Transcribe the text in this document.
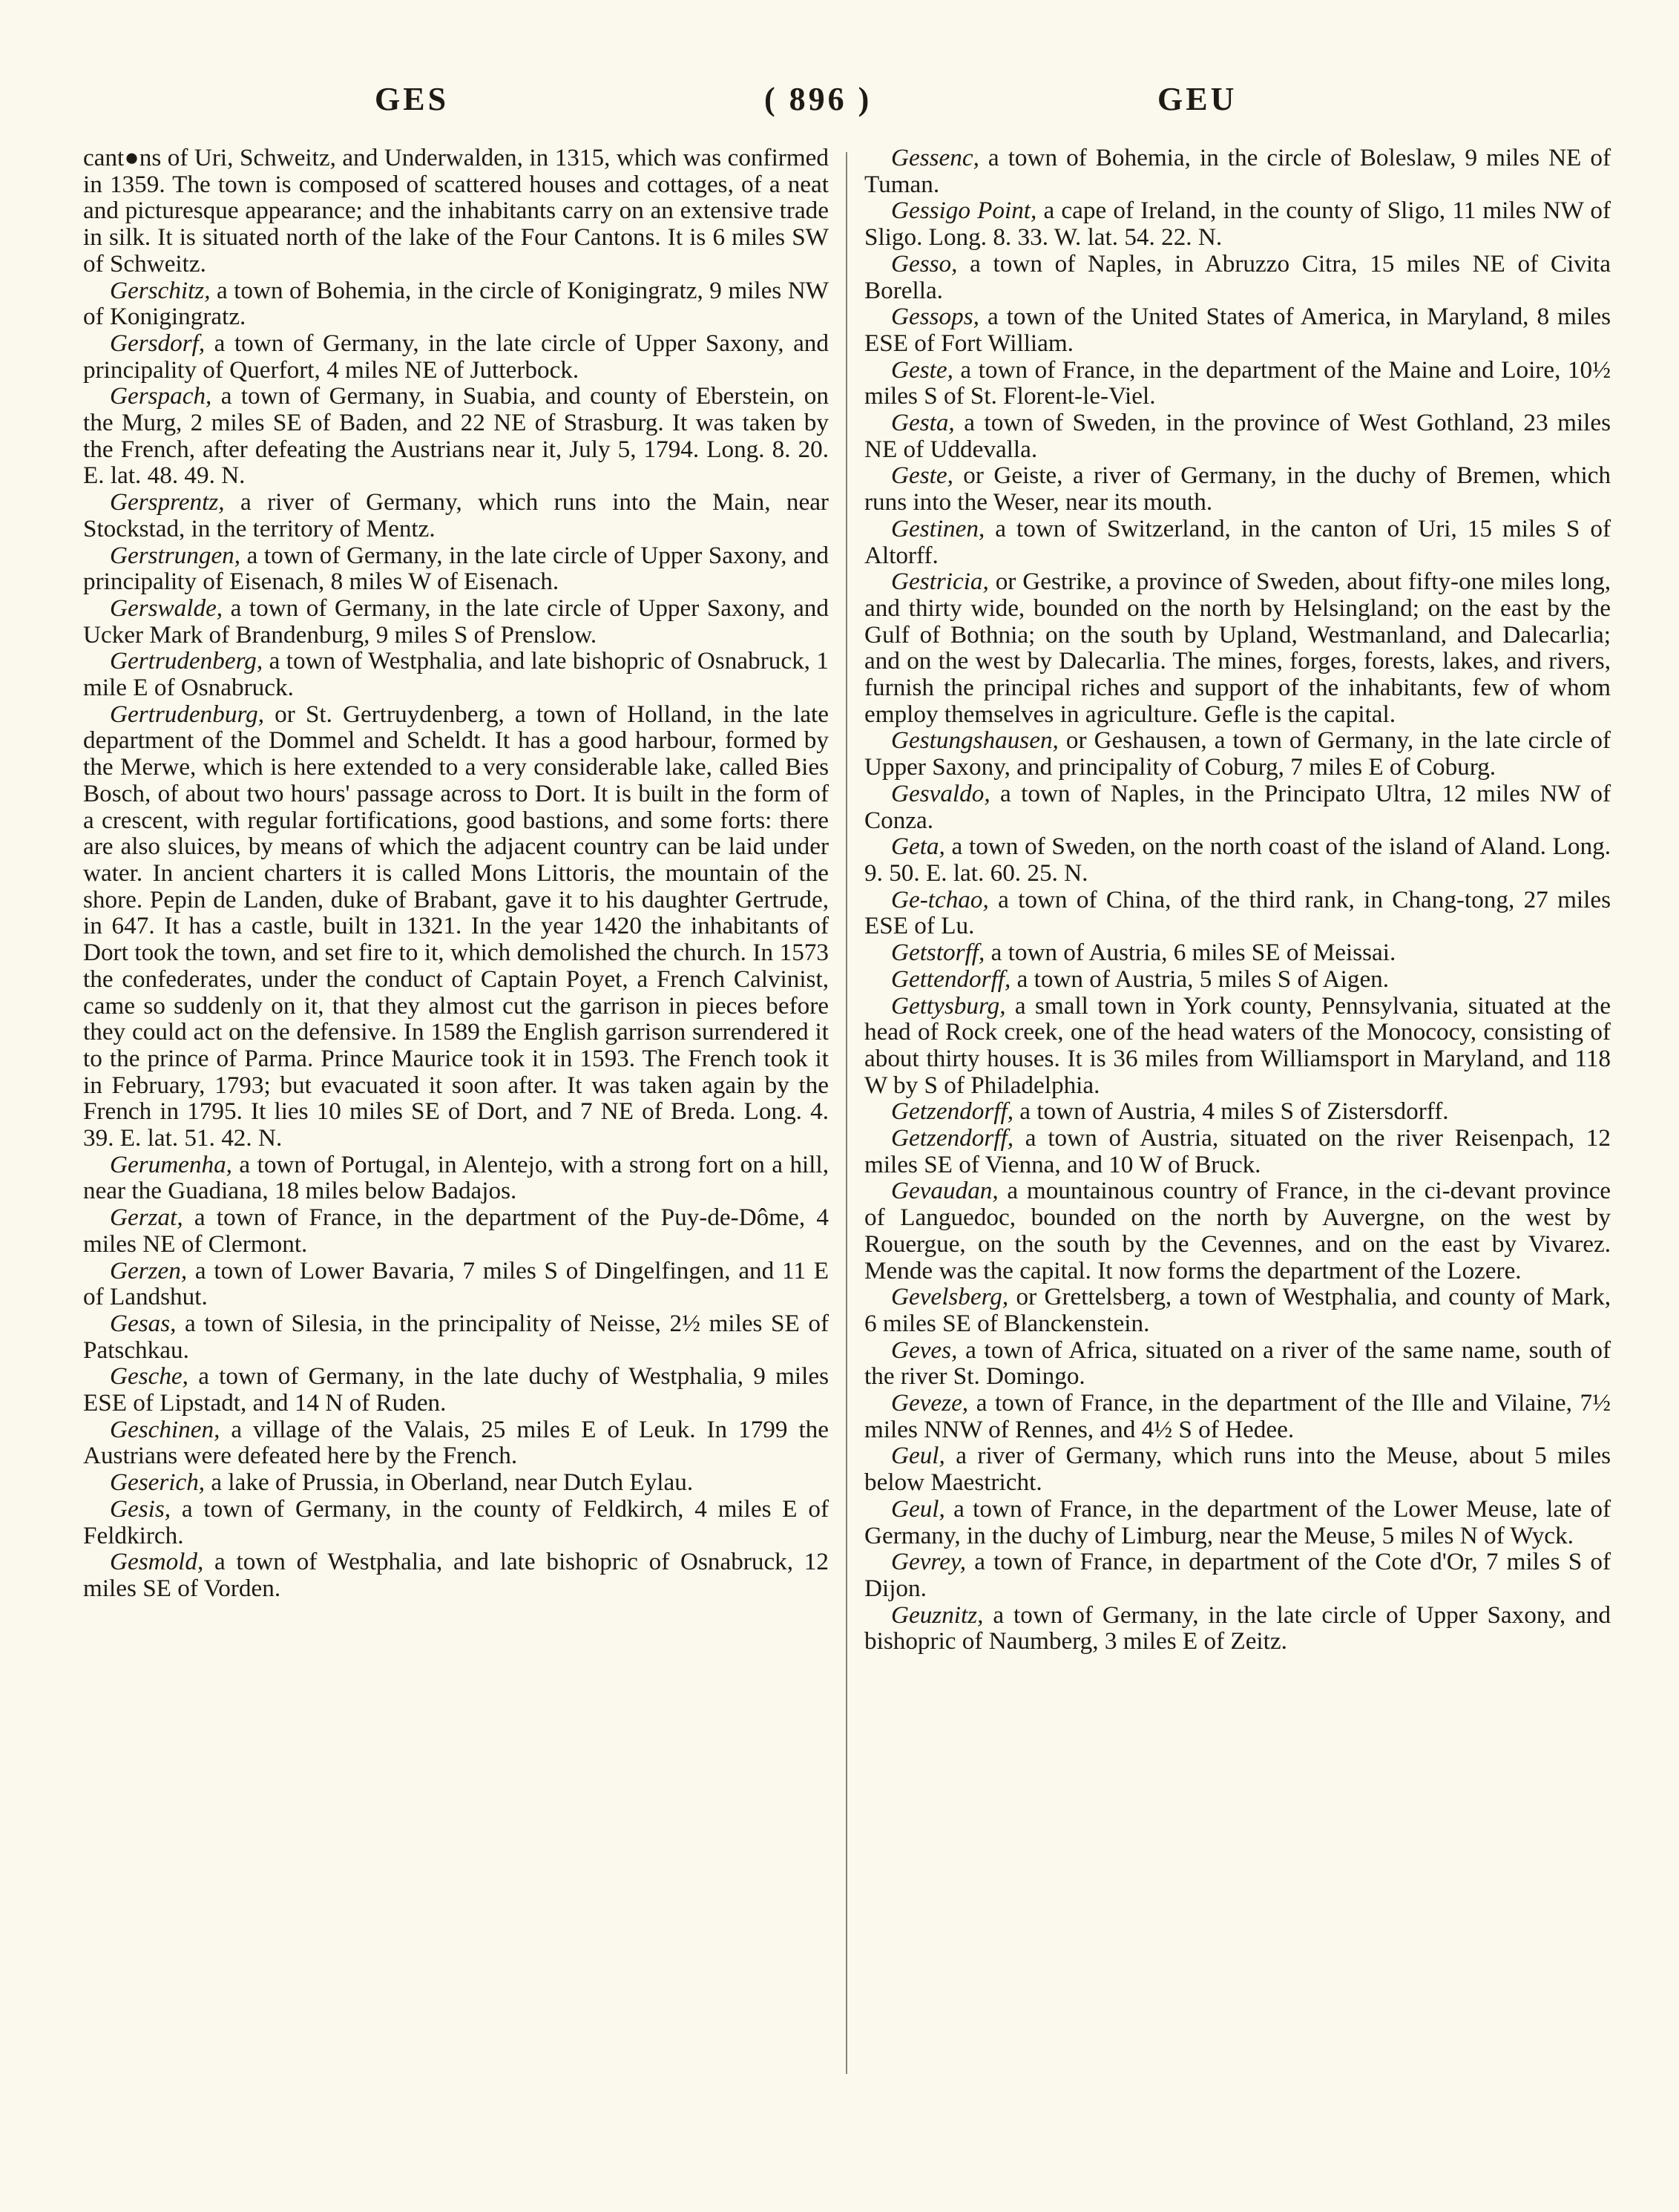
GES	( 896 )	GEU

cant●ns of Uri, Schweitz, and Underwalden, in 1315, which was confirmed in 1359. The town is composed of scattered houses and cottages, of a neat and picturesque appearance; and the inhabitants carry on an extensive trade in silk. It is situated north of the lake of the Four Cantons. It is 6 miles SW of Schweitz.

Gerschitz, a town of Bohemia, in the circle of Konigingratz, 9 miles NW of Konigingratz.

Gersdorf, a town of Germany, in the late circle of Upper Saxony, and principality of Querfort, 4 miles NE of Jutterbock.

Gerspach, a town of Germany, in Suabia, and county of Eberstein, on the Murg, 2 miles SE of Baden, and 22 NE of Strasburg. It was taken by the French, after defeating the Austrians near it, July 5, 1794. Long. 8. 20. E. lat. 48. 49. N.

Gersprentz, a river of Germany, which runs into the Main, near Stockstad, in the territory of Mentz.

Gerstrungen, a town of Germany, in the late circle of Upper Saxony, and principality of Eisenach, 8 miles W of Eisenach.

Gerswalde, a town of Germany, in the late circle of Upper Saxony, and Ucker Mark of Brandenburg, 9 miles S of Prenslow.

Gertrudenberg, a town of Westphalia, and late bishopric of Osnabruck, 1 mile E of Osnabruck.

Gertrudenburg, or St. Gertruydenberg, a town of Holland, in the late department of the Dommel and Scheldt. It has a good harbour, formed by the Merwe, which is here extended to a very considerable lake, called Bies Bosch, of about two hours' passage across to Dort. It is built in the form of a crescent, with regular fortifications, good bastions, and some forts: there are also sluices, by means of which the adjacent country can be laid under water. In ancient charters it is called Mons Littoris, the mountain of the shore. Pepin de Landen, duke of Brabant, gave it to his daughter Gertrude, in 647. It has a castle, built in 1321. In the year 1420 the inhabitants of Dort took the town, and set fire to it, which demolished the church. In 1573 the confederates, under the conduct of Captain Poyet, a French Calvinist, came so suddenly on it, that they almost cut the garrison in pieces before they could act on the defensive. In 1589 the English garrison surrendered it to the prince of Parma. Prince Maurice took it in 1593. The French took it in February, 1793; but evacuated it soon after. It was taken again by the French in 1795. It lies 10 miles SE of Dort, and 7 NE of Breda. Long. 4. 39. E. lat. 51. 42. N.

Gerumenha, a town of Portugal, in Alentejo, with a strong fort on a hill, near the Guadiana, 18 miles below Badajos.

Gerzat, a town of France, in the department of the Puy-de-Dôme, 4 miles NE of Clermont.

Gerzen, a town of Lower Bavaria, 7 miles S of Dingelfingen, and 11 E of Landshut.

Gesas, a town of Silesia, in the principality of Neisse, 2½ miles SE of Patschkau.

Gesche, a town of Germany, in the late duchy of Westphalia, 9 miles ESE of Lipstadt, and 14 N of Ruden.

Geschinen, a village of the Valais, 25 miles E of Leuk. In 1799 the Austrians were defeated here by the French.

Geserich, a lake of Prussia, in Oberland, near Dutch Eylau.

Gesis, a town of Germany, in the county of Feldkirch, 4 miles E of Feldkirch.

Gesmold, a town of Westphalia, and late bishopric of Osnabruck, 12 miles SE of Vorden.

Gessenc, a town of Bohemia, in the circle of Boleslaw, 9 miles NE of Tuman.

Gessigo Point, a cape of Ireland, in the county of Sligo, 11 miles NW of Sligo. Long. 8. 33. W. lat. 54. 22. N.

Gesso, a town of Naples, in Abruzzo Citra, 15 miles NE of Civita Borella.

Gessops, a town of the United States of America, in Maryland, 8 miles ESE of Fort William.

Geste, a town of France, in the department of the Maine and Loire, 10½ miles S of St. Florent-le-Viel.

Gesta, a town of Sweden, in the province of West Gothland, 23 miles NE of Uddevalla.

Geste, or Geiste, a river of Germany, in the duchy of Bremen, which runs into the Weser, near its mouth.

Gestinen, a town of Switzerland, in the canton of Uri, 15 miles S of Altorff.

Gestricia, or Gestrike, a province of Sweden, about fifty-one miles long, and thirty wide, bounded on the north by Helsingland; on the east by the Gulf of Bothnia; on the south by Upland, Westmanland, and Dalecarlia; and on the west by Dalecarlia. The mines, forges, forests, lakes, and rivers, furnish the principal riches and support of the inhabitants, few of whom employ themselves in agriculture. Gefle is the capital.

Gestungshausen, or Geshausen, a town of Germany, in the late circle of Upper Saxony, and principality of Coburg, 7 miles E of Coburg.

Gesvaldo, a town of Naples, in the Principato Ultra, 12 miles NW of Conza.

Geta, a town of Sweden, on the north coast of the island of Aland. Long. 9. 50. E. lat. 60. 25. N.

Ge-tchao, a town of China, of the third rank, in Chang-tong, 27 miles ESE of Lu.

Getstorff, a town of Austria, 6 miles SE of Meissai.

Gettendorff, a town of Austria, 5 miles S of Aigen.

Gettysburg, a small town in York county, Pennsylvania, situated at the head of Rock creek, one of the head waters of the Monococy, consisting of about thirty houses. It is 36 miles from Williamsport in Maryland, and 118 W by S of Philadelphia.

Getzendorff, a town of Austria, 4 miles S of Zistersdorff.

Getzendorff, a town of Austria, situated on the river Reisenpach, 12 miles SE of Vienna, and 10 W of Bruck.

Gevaudan, a mountainous country of France, in the ci-devant province of Languedoc, bounded on the north by Auvergne, on the west by Rouergue, on the south by the Cevennes, and on the east by Vivarez. Mende was the capital. It now forms the department of the Lozere.

Gevelsberg, or Grettelsberg, a town of Westphalia, and county of Mark, 6 miles SE of Blanckenstein.

Geves, a town of Africa, situated on a river of the same name, south of the river St. Domingo.

Geveze, a town of France, in the department of the Ille and Vilaine, 7½ miles NNW of Rennes, and 4½ S of Hedee.

Geul, a river of Germany, which runs into the Meuse, about 5 miles below Maestricht.

Geul, a town of France, in the department of the Lower Meuse, late of Germany, in the duchy of Limburg, near the Meuse, 5 miles N of Wyck.

Gevrey, a town of France, in department of the Cote d'Or, 7 miles S of Dijon.

Geuznitz, a town of Germany, in the late circle of Upper Saxony, and bishopric of Naumberg, 3 miles E of Zeitz.
